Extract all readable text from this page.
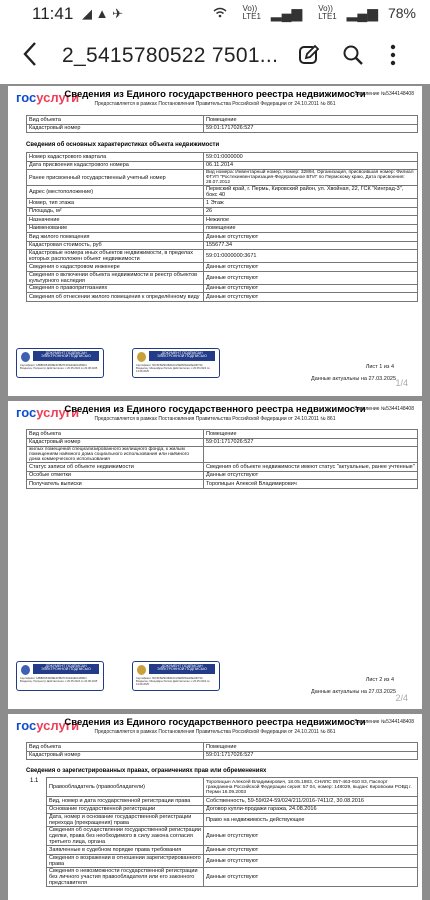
11:41 ◢ ▲ ✈	Vo))
LTE1 ▂▄▆ Vo))
LTE1 ▂▄▆ 78%
2_5415780522 7501...
госуслуги
Сведения из Единого государственного реестра недвижимости
Предоставляется в рамках Постановления Правительства Российской Федерации от 24.10.2011 № 861
Заявление №5344148408
Вид объекта	Помещение
Кадастровый номер	59:01:1717026:527
Сведения об основных характеристиках объекта недвижимости
Номер кадастрового квартала	59:01:0000000
Дата присвоения кадастрового номера	06.11.2014
Ранее присвоенный государственный учетный номер	Вид номера: Инвентарный номер, Номер: 32894, Организация, присвоившая номер: Филиал ФГУП "Ростехинвентаризация-Федеральное БТИ" по Пермскому краю, Дата присвоения: 28.07.2012
Адрес (местоположение)	Пермский край, г. Пермь, Кировский район, ул. Хвойная, 22, ГСК "Кинград-3", бокс 40
Номер, тип этажа	1 Этаж
Площадь, м²	26
Назначение	Нежилое
Наименование	помещение
Вид жилого помещения	Данные отсутствуют
Кадастровая стоимость, руб	155677.34
Кадастровые номера иных объектов недвижимости, в пределах которых расположен объект недвижимости	59:01:0000000:3671
Сведения о кадастровом инженере	Данные отсутствуют
Сведения о включении объекта недвижимости в реестр объектов культурного наследия	Данные отсутствуют
Сведения о правопритязаниях	Данные отсутствуют
Сведения об отнесении жилого помещения к определённому виду	Данные отсутствуют
ДОКУМЕНТ ПОДПИСАН ЭЛЕКТРОННОЙ ПОДПИСЬЮ
Сертификат: 18B8D1B46D8E4F3B27F3CE40E0A1B3D4 Владелец: Росреестр Действителен: с 20.05.2024 по 20.08.2025
ДОКУМЕНТ ПОДПИСАН ЭЛЕКТРОННОЙ ПОДПИСЬЮ
Сертификат: 50C6F5E5D4B4FAC29E0B7E1E6EA0D71F Владелец: Минцифры России Действителен: с 20.05.2024 по 13.08.2025
Лист 1 из 4
Данные актуальны на 27.03.2025 1/4
госуслуги
Сведения из Единого государственного реестра недвижимости
Предоставляется в рамках Постановления Правительства Российской Федерации от 24.10.2011 № 861
Заявление №5344148408
Вид объекта	Помещение
Кадастровый номер	59:01:1717026:527
жилых помещений специализированного жилищного фонда, к жилым помещениям наёмного дома социального использования или наёмного дома коммерческого использования	
Статус записи об объекте недвижимости	Сведения об объекте недвижимости имеют статус "актуальные, ранее учтенные"
Особые отметки	Данные отсутствуют
Получатель выписки	Торопицын Алексей Владимирович
ДОКУМЕНТ ПОДПИСАН ЭЛЕКТРОННОЙ ПОДПИСЬЮ
Сертификат: 18B8D1B46D8E4F3B27F3CE40E0A1B3D4 Владелец: Росреестр Действителен: с 20.05.2024 по 20.08.2025
ДОКУМЕНТ ПОДПИСАН ЭЛЕКТРОННОЙ ПОДПИСЬЮ
Сертификат: 50C6F5E5D4B4FAC29E0B7E1E6EA0D71F Владелец: Минцифры России Действителен: с 20.05.2024 по 13.08.2025
Лист 2 из 4
Данные актуальны на 27.03.2025
2/4
госуслуги
Сведения из Единого государственного реестра недвижимости
Предоставляется в рамках Постановления Правительства Российской Федерации от 24.10.2011 № 861
Заявление №5344148408
Вид объекта	Помещение
Кадастровый номер	59:01:1717026:527
Сведения о зарегистрированных правах, ограничениях прав или обременениях
1.1
Правообладатель (правообладатели)	Торопицын Алексей Владимирович, 18.05.1983, СНИЛС 057-463-910 83, Паспорт гражданина Российской Федерации серия: 57 04, номер: 148029, выдан: Кировским РОВД г. Перми 16.09.2003
Вид, номер и дата государственной регистрации права	Собственность, 59-59/024-59/024/211/2016-7411/2, 30.08.2016
Основание государственной регистрации	Договор купли-продажи гаража, 24.08.2016
Дата, номер и основание государственной регистрации перехода (прекращения) права	Право на недвижимость действующее
Сведения об осуществлении государственной регистрации сделки, права без необходимого в силу закона согласия третьего лица, органа	Данные отсутствуют
Заявленные в судебном порядке права требования	Данные отсутствуют
Сведения о возражении в отношении зарегистрированного права	Данные отсутствуют
Сведения о невозможности государственной регистрации без личного участия правообладателя или его законного представителя	Данные отсутствуют
